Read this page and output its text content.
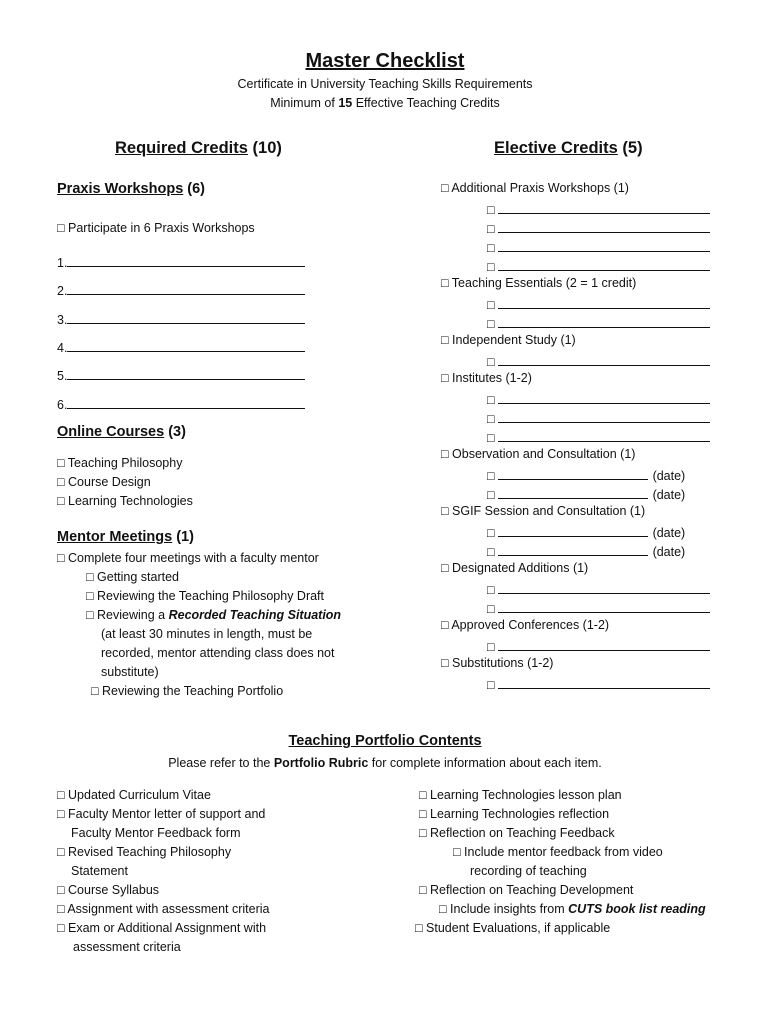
Master Checklist
Certificate in University Teaching Skills Requirements
Minimum of 15 Effective Teaching Credits
Required Credits (10)	Elective Credits (5)
Praxis Workshops (6)
□ Participate in 6 Praxis Workshops
1.
2.
3.
4.
5.
6.
Online Courses (3)
□ Teaching Philosophy
□ Course Design
□ Learning Technologies
Mentor Meetings (1)
□ Complete four meetings with a faculty mentor
□ Getting started
□ Reviewing the Teaching Philosophy Draft
□ Reviewing a Recorded Teaching Situation
(at least 30 minutes in length, must be
recorded, mentor attending class does not
substitute)
□ Reviewing the Teaching Portfolio
□ Additional Praxis Workshops (1)
□
□
□
□
□ Teaching Essentials (2 = 1 credit)
□
□
□ Independent Study (1)
□
□ Institutes (1-2)
□
□
□
□ Observation and Consultation (1)
□	(date)
□	(date)
□ SGIF Session and Consultation (1)
□	(date)
□	(date)
□ Designated Additions (1)
□
□
□ Approved Conferences (1-2)
□
□ Substitutions (1-2)
□
Teaching Portfolio Contents
Please refer to the Portfolio Rubric for complete information about each item.
□ Updated Curriculum Vitae
□ Faculty Mentor letter of support and
Faculty Mentor Feedback form
□ Revised Teaching Philosophy
Statement
□ Course Syllabus
□ Assignment with assessment criteria
□ Exam or Additional Assignment with
assessment criteria
□ Learning Technologies lesson plan
□ Learning Technologies reflection
□ Reflection on Teaching Feedback
□ Include mentor feedback from video
recording of teaching
□ Reflection on Teaching Development
□ Include insights from CUTS book list reading
□ Student Evaluations, if applicable
